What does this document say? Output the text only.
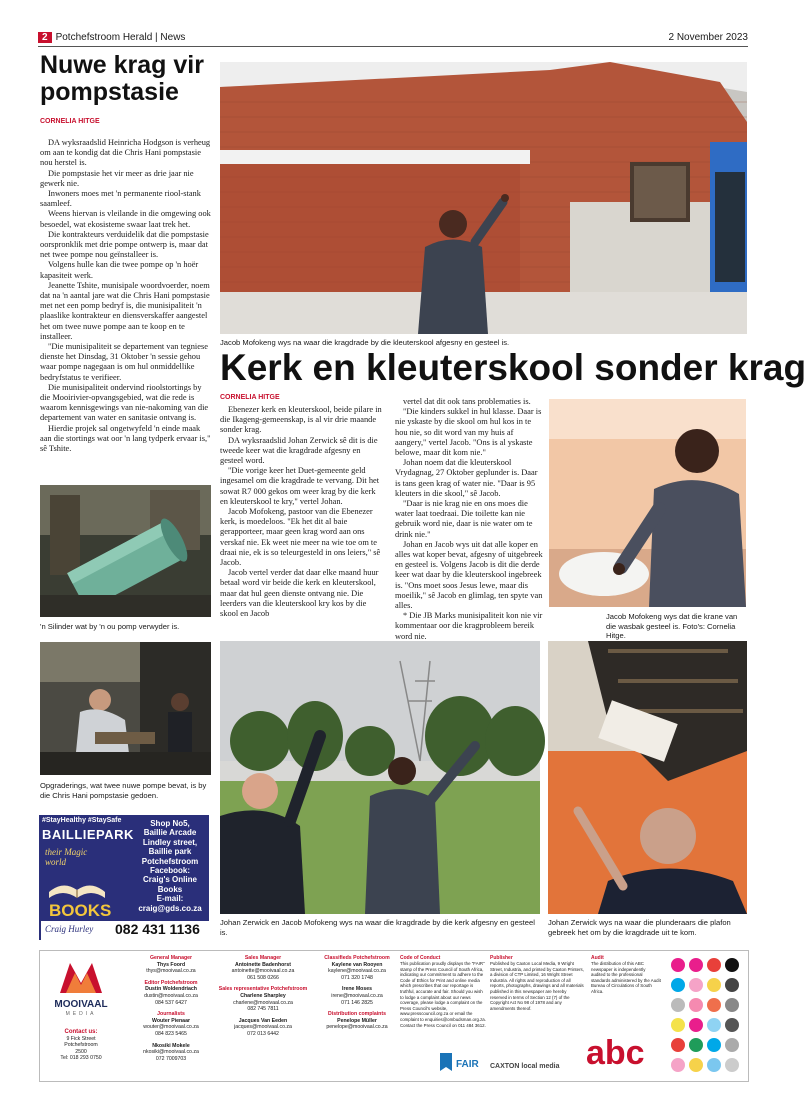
2 Potchefstroom Herald | News	2 November 2023
Nuwe krag vir pompstasie
CORNELIA HITGE

DA wyksraadslid Heinricha Hodgson is verheug om aan te kondig dat die Chris Hani pompstasie nou herstel is.

Die pompstasie het vir meer as drie jaar nie gewerk nie.

Inwoners moes met 'n permanente riool-stank saamleef.

Weens hiervan is vleilande in die omgewing ook besoedel, wat ekosisteme swaar laat trek het.

Die kontrakteurs verduidelik dat die pompstasie oorspronklik met drie pompe ontwerp is, maar dat net twee pompe nou geïnstalleer is.

Volgens hulle kan die twee pompe op 'n hoër kapasiteit werk.

Jeanette Tshite, munisipale woordvoerder, noem dat na 'n aantal jare wat die Chris Hani pompstasie met net een pomp bedryf is, die munisipaliteit 'n plaaslike kontrakteur en diensverskaffer aangestel het om twee nuwe pompe aan te koop en te installeer.

"Die munisipaliteit se departement van tegniese dienste het Dinsdag, 31 Oktober 'n sessie gehou waar pompe nagegaan is om hul onmiddellike bedryfstatus te verifieer.

Die munisipaliteit ondervind rioolstortings by die Mooirivier-opvangsgebied, wat die rede is waarom kennisgewings van nie-nakoming van die departement van water en sanitasie ontvang is.

Hierdie projek sal ongetwyfeld 'n einde maak aan die stortings wat oor 'n lang tydperk ervaar is," sê Tshite.

'n Silinder wat by 'n ou pomp verwyder is.
Opgraderings, wat twee nuwe pompe bevat, is by die Chris Hani pompstasie gedoen.
#StayHealthy #StaySafe
BAILLIEPARK
their Magic world
Shop No5,
Baillie Arcade
Lindley street,
Baillie park
Potchefstroom
Facebook:
Craig's Online
Books
E-mail:
craig@gds.co.za
BOOKS
Craig Hurley 082 431 1136
Jacob Mofokeng wys na waar die kragdrade by die kleuterskool afgesny en gesteel is.
Kerk en kleuterskool sonder krag
CORNELIA HITGE

Ebenezer kerk en kleuterskool, beide pilare in die Ikageng-gemeenskap, is al vir drie maande sonder krag.

DA wyksraadslid Johan Zerwick sê dit is die tweede keer wat die kragdrade afgesny en gesteel word.

"Die vorige keer het Duet-gemeente geld ingesamel om die kragdrade te vervang. Dit het sowat R7 000 gekos om weer krag by die kerk en kleuterskool te kry," vertel Johan.

Jacob Mofokeng, pastoor van die Ebenezer kerk, is moedeloos. "Ek het dit al baie gerapporteer, maar geen krag word aan ons verskaf nie. Ek weet nie meer na wie toe om te draai nie, ek is so teleurgesteld in ons leiers," sê Jacob.

Jacob vertel verder dat daar elke maand huur betaal word vir beide die kerk en kleuterskool, maar dat hul geen dienste ontvang nie. Die leerders van die kleuterskool kry kos by die skool en Jacob

vertel dat dit ook tans problematies is.

"Die kinders sukkel in hul klasse. Daar is nie yskaste by die skool om hul kos in te hou nie, so dit word van my huis af aangery," vertel Jacob. "Ons is al yskaste belowe, maar dit kom nie."

Johan noem dat die kleuterskool Vrydagnag, 27 Oktober geplunder is. Daar is tans geen krag of water nie. "Daar is 95 kleuters in die skool," sê Jacob.

"Daar is nie krag nie en ons moes die water laat toedraai. Die toilette kan nie gebruik word nie, daar is nie water om te drink nie."

Johan en Jacob wys uit dat alle koper en alles wat koper bevat, afgesny of uitgebreek en gesteel is. Volgens Jacob is dit die derde keer wat daar by die kleuterskool ingebreek is. "Ons moet soos Jesus lewe, maar dis moeilik," sê Jacob en glimlag, ten spyte van alles.

* Die JB Marks munisipaliteit kon nie vir kommentaar oor die kragprobleem bereik word nie.

Jacob Mofokeng wys dat die krane van die wasbak gesteel is. Foto's: Cornelia Hitge.
Johan Zerwick en Jacob Mofokeng wys na waar die kragdrade by die kerk afgesny en gesteel is.
Johan Zerwick wys na waar die plunderaars die plafon gebreek het om by die kragdrade uit te kom.
MOOIVAAL
MEDIA
Contact us:
9 Fick Street
Potchefstroom
2500
Tel: 018 293 0750
General Manager
Thys Foord
thys@mooivaal.co.za
Editor Potchefstroom
Dustin Woldendriach
dustin@mooivaal.co.za
084 537 6427
Journalists
Wouter Pienaar
wouter@mooivaal.co.za
084 823 5465
Nkosiki Mokele
nkosiki@mooivaal.co.za
072 7009703
Sales Manager
Antoinette Badenhorst
antoinette@mooivaal.co.za
061 508 0266
Sales representative Potchefstroom
Charlene Sharpley
charlene@mooivaal.co.za
082 745 7811
Jacques Van Eeden
jacques@mooivaal.co.za
072 013 6442
Classifieds Potchefstroom
Kaylene van Rooyen
kaylene@mooivaal.co.za
071 320 1748
Irene Moses
irene@mooivaal.co.za
071 146 2825
Distribution complaints
Penelope Müller
penelope@mooivaal.co.za
Code of Conduct
This publication proudly displays the "FAIR" stamp of the Press Council of South Africa, indicating our commitment to adhere to the Code of Ethics for Print and online media which prescribes that our reportage is truthful, accurate and fair. Should you wish to lodge a complaint about our news coverage, please lodge a complaint on the Press Council's website, www.presscouncil.org.za or email the complaint to enquiries@ombudsman.org.za. Contact the Press Council on 011 484 3612.
FAIR
Publisher
Published by Caxton Local Media, 9 Wright Street, Industria, and printed by Caxton Printers, a division of CTP Limited, 16 Wright Street Industria. All rights and reproduction of all reports, photographs, drawings and all materials published in this newspaper are hereby reserved in terms of Section 12 (7) of the Copyright Act No 98 of 1978 and any amendments thereof.
CAXTON local media
Audit
The distribution of this ABC newspaper is independently audited to the professional standards administered by the Audit Bureau of Circulations of South Africa.
abc
